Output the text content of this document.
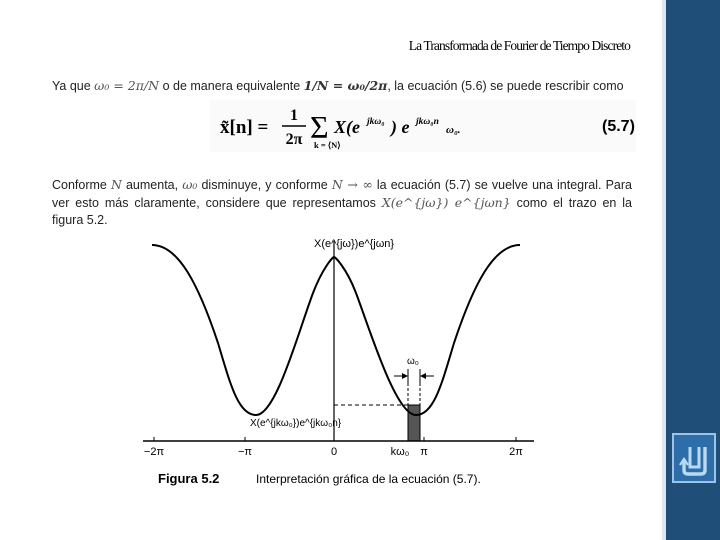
La Transformada de Fourier de Tiempo Discreto
Ya que ω₀ = 2π/N o de manera equivalente 1/N = ω₀/2π, la ecuación (5.6) se puede rescribir como
x̃[n] =
1
2π Σ
k = ⟨N⟩
X(e jkω₀ ) e jkω₀n
ω₀.	(5.7)
Conforme N aumenta, ω₀ disminuye, y conforme N → ∞ la ecuación (5.7) se vuelve una integral. Para ver esto más claramente, considere que representamos X(e^{jω}) e^{jωn} como el trazo en la figura 5.2.
ω₀
X(e^{jω})e^{jωn}
X(e^{jkω₀})e^{jkω₀n}
−2π	−π	0	kω₀ π	2π
Figura 5.2	Interpretación gráfica de la ecuación (5.7).
